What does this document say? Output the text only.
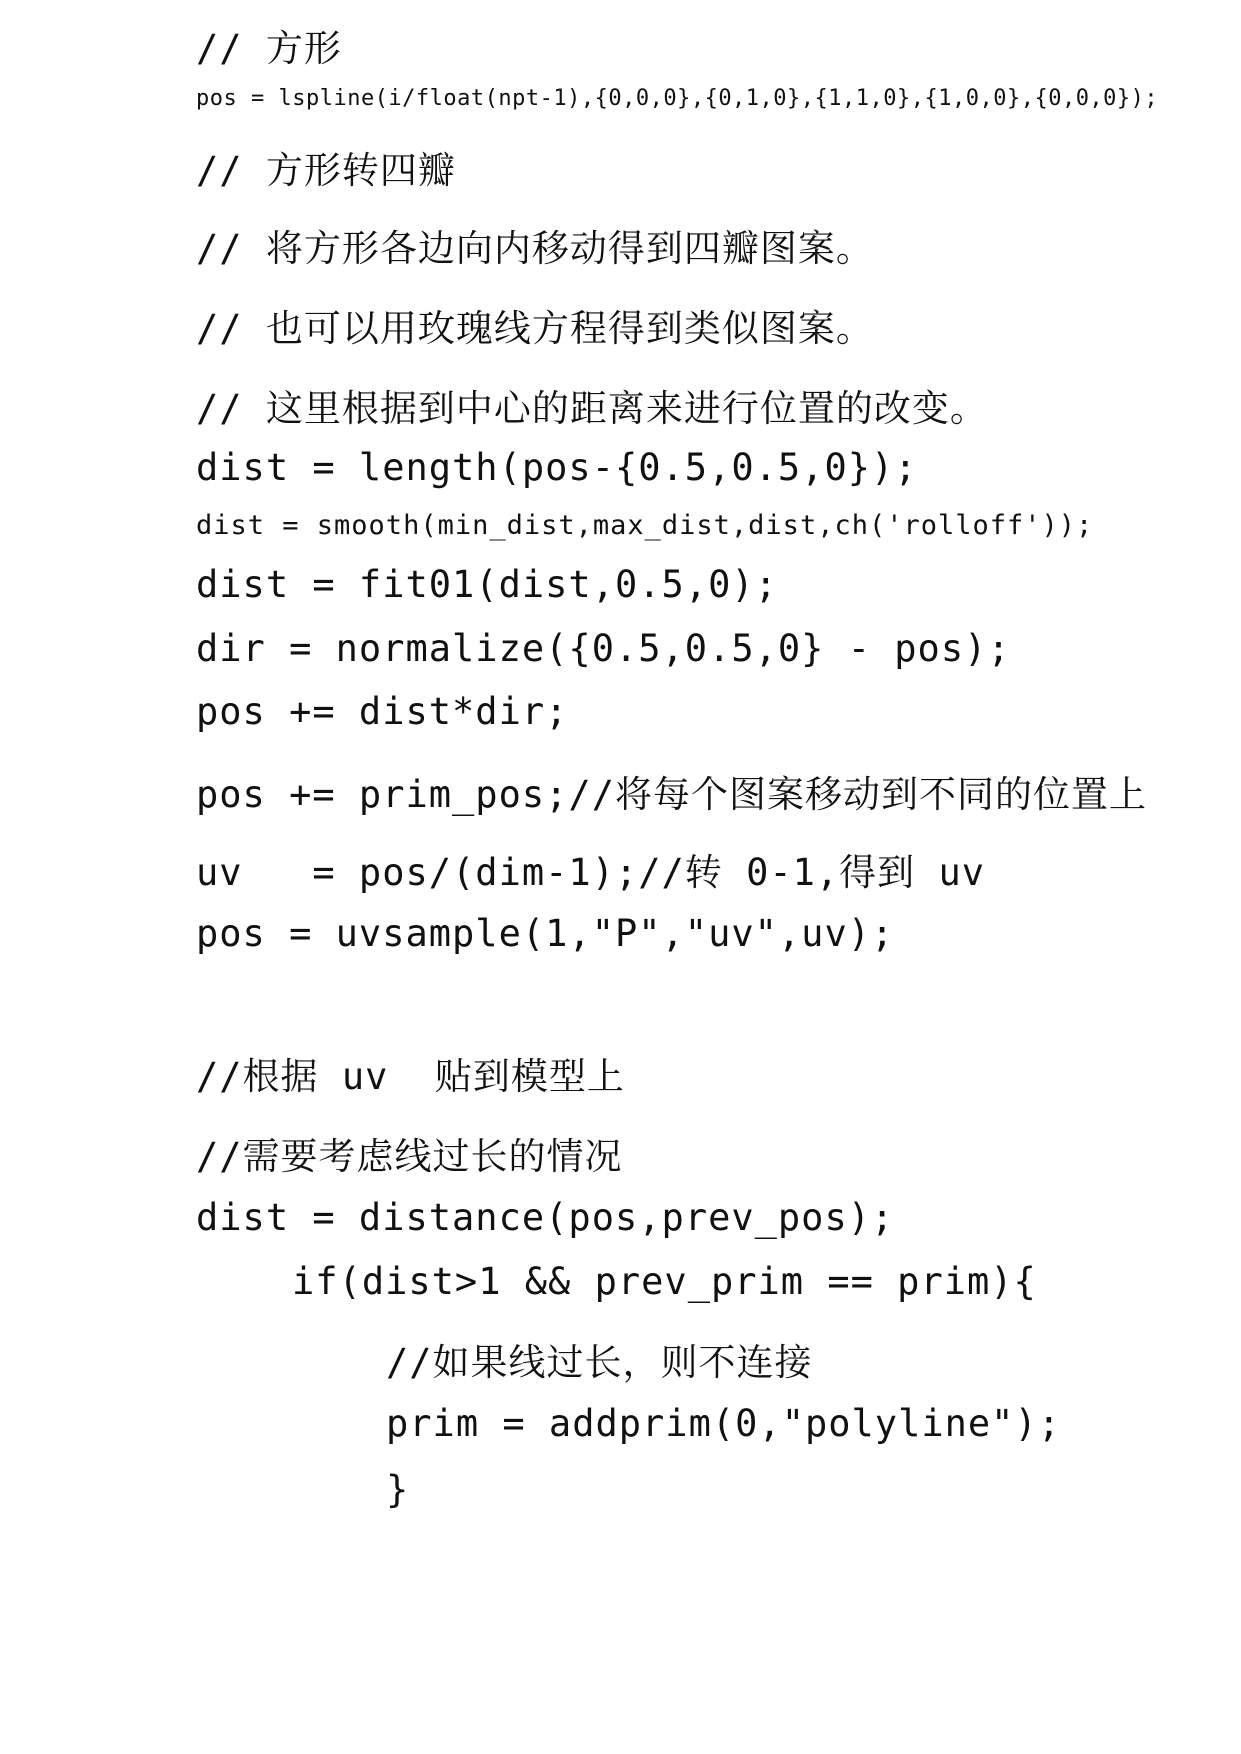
// 方形
pos = lspline(i/float(npt-1),{0,0,0},{0,1,0},{1,1,0},{1,0,0},{0,0,0});
// 方形转四瓣
// 将方形各边向内移动得到四瓣图案。
// 也可以用玫瑰线方程得到类似图案。
// 这里根据到中心的距离来进行位置的改变。
dist = length(pos-{0.5,0.5,0});
dist = smooth(min_dist,max_dist,dist,ch('rolloff'));
dist = fit01(dist,0.5,0);
dir = normalize({0.5,0.5,0} - pos);
pos += dist*dir;
pos += prim_pos;//将每个图案移动到不同的位置上
uv   = pos/(dim-1);//转 0-1,得到 uv
pos = uvsample(1,"P","uv",uv);
//根据 uv  贴到模型上
//需要考虑线过长的情况
dist = distance(pos,prev_pos);
if(dist>1 && prev_prim == prim){
//如果线过长，则不连接
prim = addprim(0,"polyline");
}
